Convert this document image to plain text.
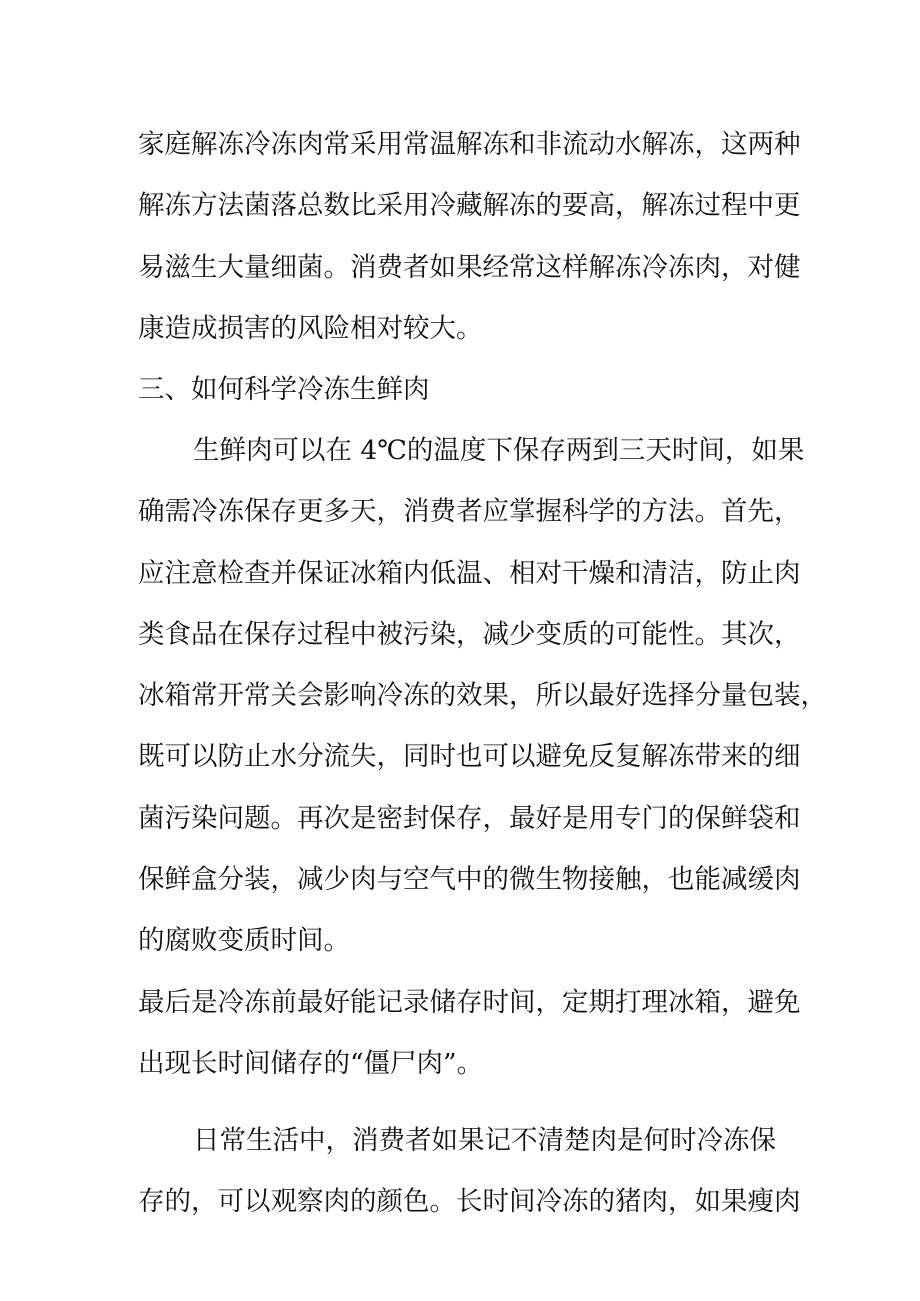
家庭解冻冷冻肉常采用常温解冻和非流动水解冻，这两种
解冻方法菌落总数比采用冷藏解冻的要高，解冻过程中更
易滋生大量细菌。消费者如果经常这样解冻冷冻肉，对健
康造成损害的风险相对较大。
三、如何科学冷冻生鲜肉
生鲜肉可以在 4℃的温度下保存两到三天时间，如果
确需冷冻保存更多天，消费者应掌握科学的方法。首先，
应注意检查并保证冰箱内低温、相对干燥和清洁，防止肉
类食品在保存过程中被污染，减少变质的可能性。其次，
冰箱常开常关会影响冷冻的效果，所以最好选择分量包装，
既可以防止水分流失，同时也可以避免反复解冻带来的细
菌污染问题。再次是密封保存，最好是用专门的保鲜袋和
保鲜盒分装，减少肉与空气中的微生物接触，也能减缓肉
的腐败变质时间。
最后是冷冻前最好能记录储存时间，定期打理冰箱，避免
出现长时间储存的“僵尸肉”。
日常生活中，消费者如果记不清楚肉是何时冷冻保
存的，可以观察肉的颜色。长时间冷冻的猪肉，如果瘦肉
